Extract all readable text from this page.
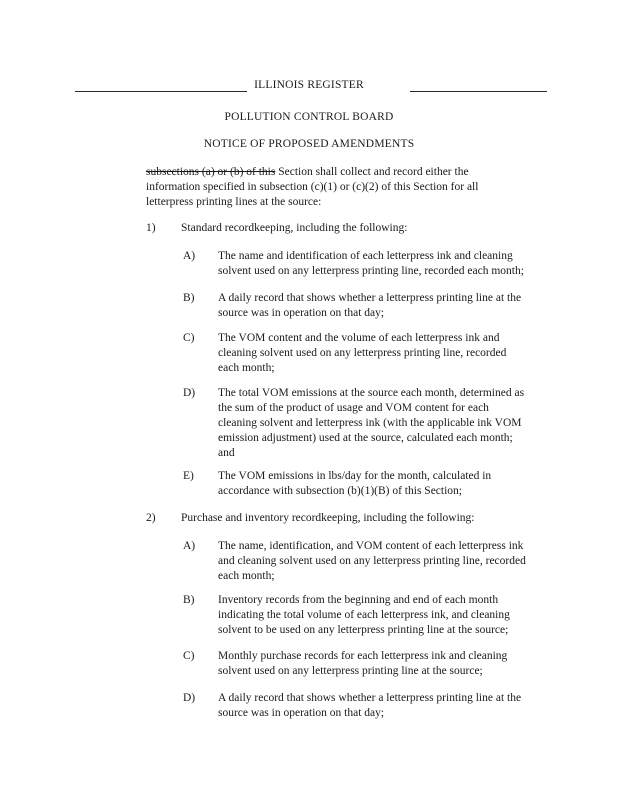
ILLINOIS REGISTER
POLLUTION CONTROL BOARD
NOTICE OF PROPOSED AMENDMENTS
subsections (a) or (b) of this Section shall collect and record either the
information specified in subsection (c)(1) or (c)(2) of this Section for all
letterpress printing lines at the source:
1) Standard recordkeeping, including the following:
A) The name and identification of each letterpress ink and cleaning
solvent used on any letterpress printing line, recorded each month;
B) A daily record that shows whether a letterpress printing line at the
source was in operation on that day;
C) The VOM content and the volume of each letterpress ink and
cleaning solvent used on any letterpress printing line, recorded
each month;
D) The total VOM emissions at the source each month, determined as
the sum of the product of usage and VOM content for each
cleaning solvent and letterpress ink (with the applicable ink VOM
emission adjustment) used at the source, calculated each month;
and
E) The VOM emissions in lbs/day for the month, calculated in
accordance with subsection (b)(1)(B) of this Section;
2) Purchase and inventory recordkeeping, including the following:
A) The name, identification, and VOM content of each letterpress ink
and cleaning solvent used on any letterpress printing line, recorded
each month;
B) Inventory records from the beginning and end of each month
indicating the total volume of each letterpress ink, and cleaning
solvent to be used on any letterpress printing line at the source;
C) Monthly purchase records for each letterpress ink and cleaning
solvent used on any letterpress printing line at the source;
D) A daily record that shows whether a letterpress printing line at the
source was in operation on that day;
